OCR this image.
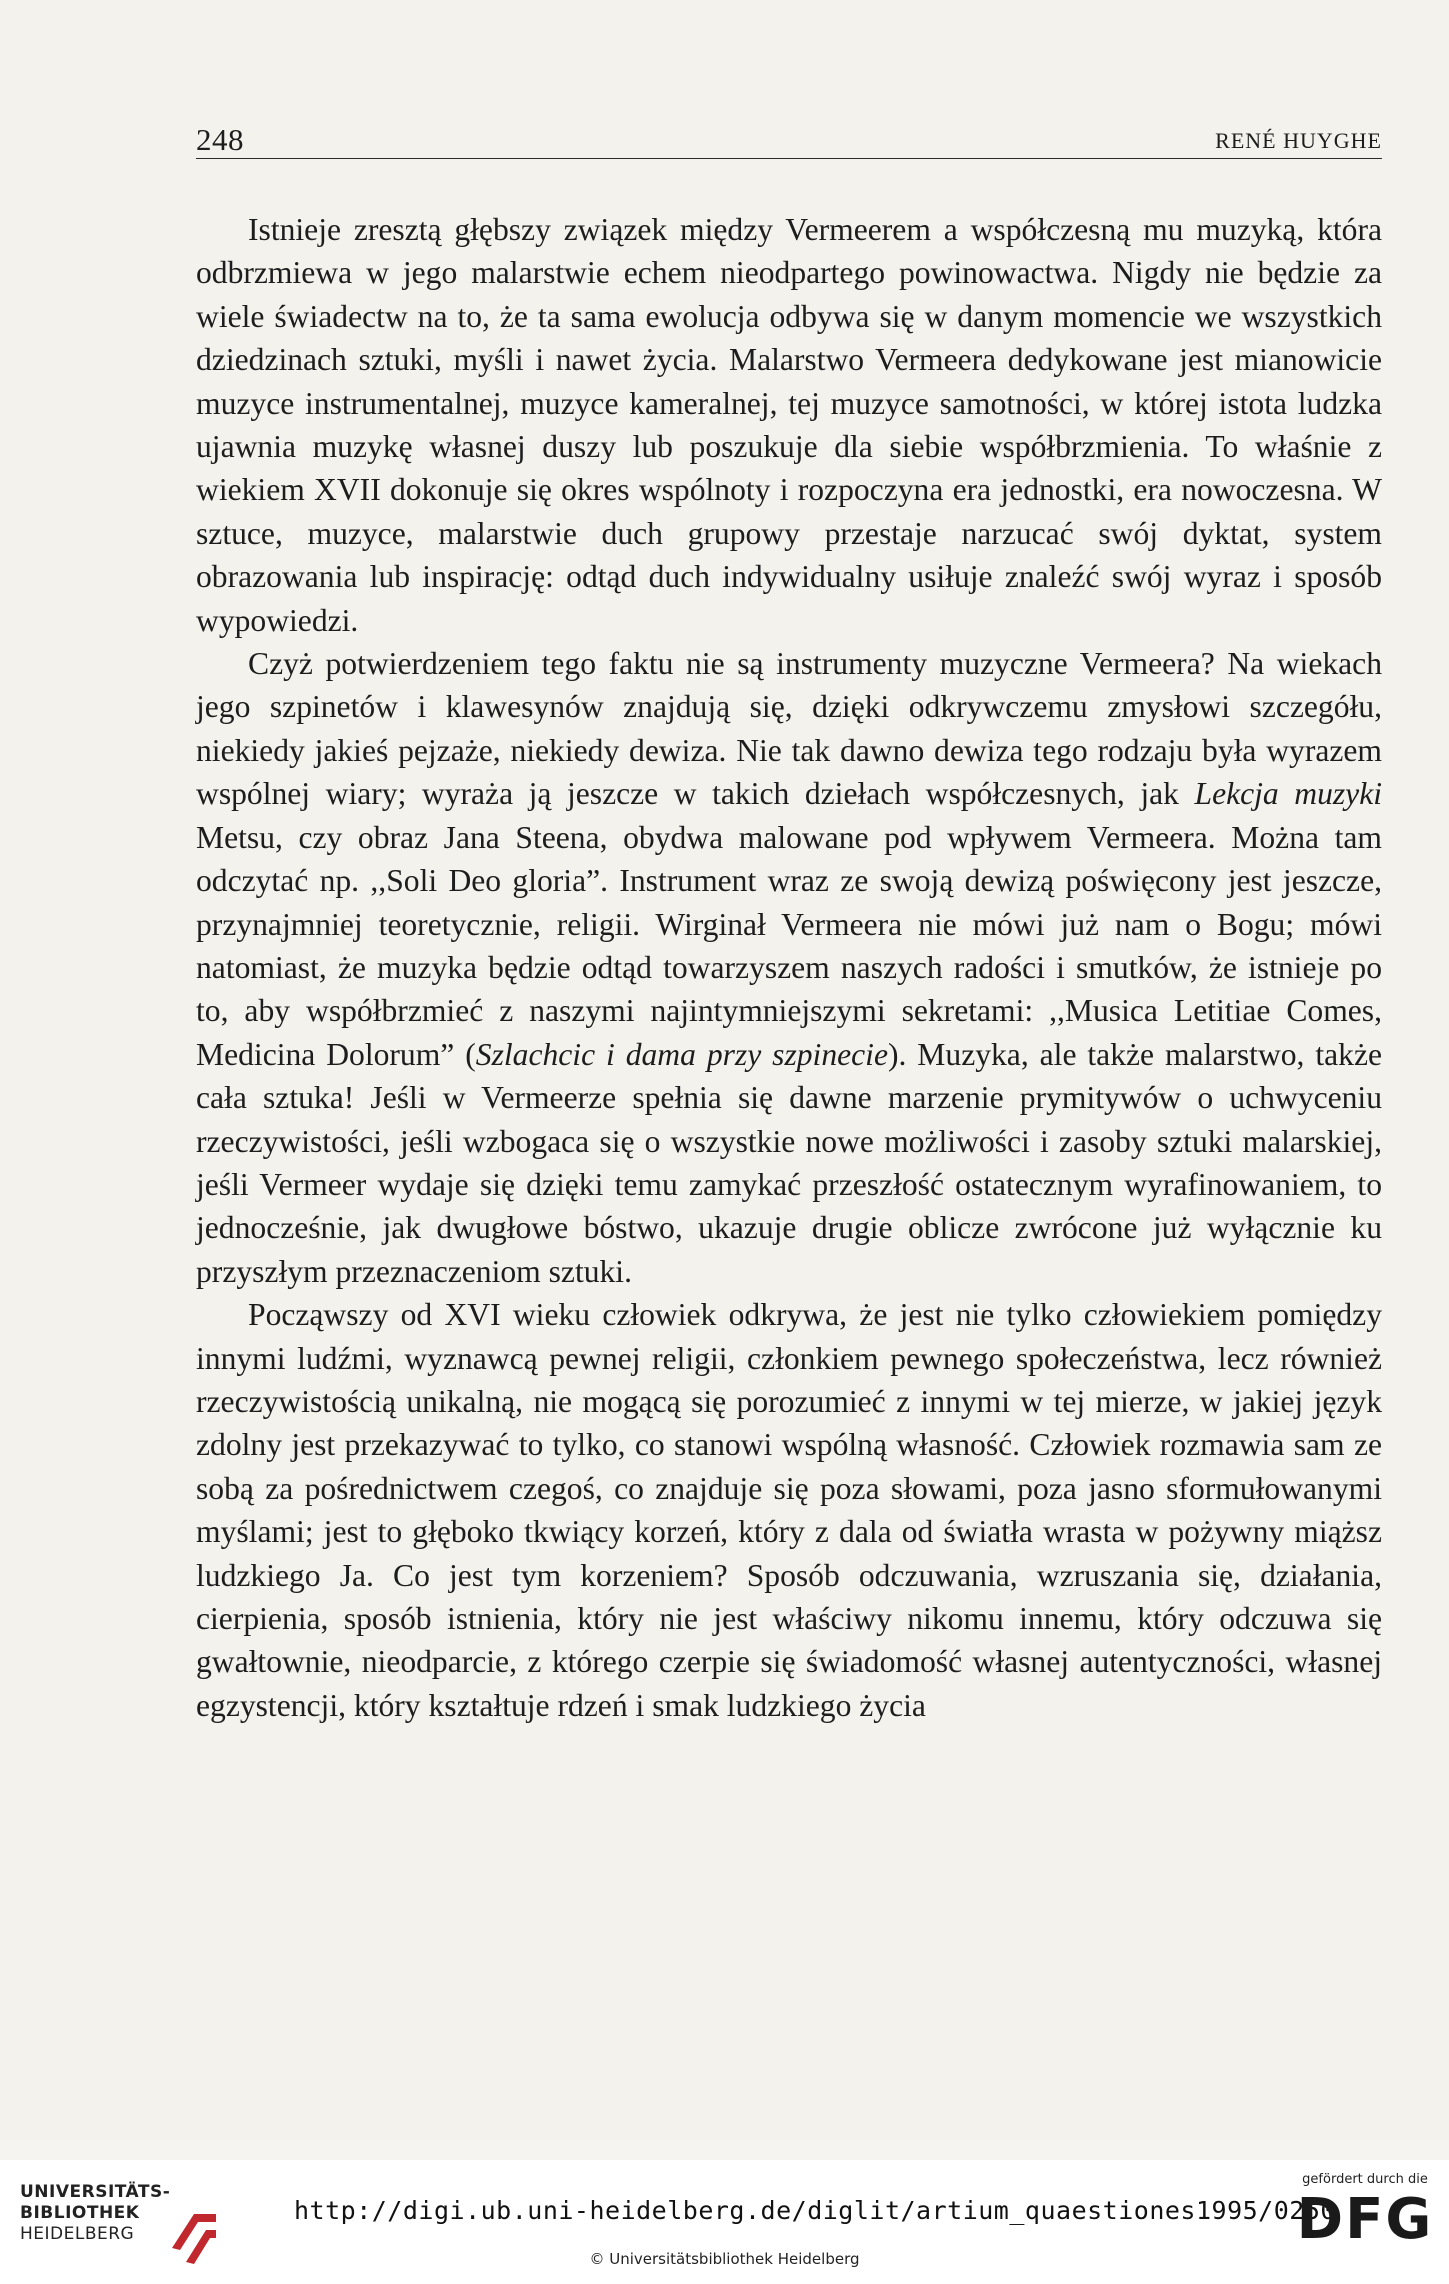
248	RENÉ HUYGHE

Istnieje zresztą głębszy związek między Vermeerem a współczesną mu muzyką, która odbrzmiewa w jego malarstwie echem nieodpartego powinowactwa. Nigdy nie będzie za wiele świadectw na to, że ta sama ewolucja odbywa się w danym momencie we wszystkich dziedzinach sztuki, myśli i nawet życia. Malarstwo Vermeera dedykowane jest mianowicie muzyce instrumentalnej, muzyce kameralnej, tej muzyce samotności, w której istota ludzka ujawnia muzykę własnej duszy lub poszukuje dla siebie współbrzmienia. To właśnie z wiekiem XVII dokonuje się okres wspólnoty i rozpoczyna era jednostki, era nowoczesna. W sztuce, muzyce, malarstwie duch grupowy przestaje narzucać swój dyktat, system obrazowania lub inspirację: odtąd duch indywidualny usiłuje znaleźć swój wyraz i sposób wypowiedzi.

Czyż potwierdzeniem tego faktu nie są instrumenty muzyczne Vermeera? Na wiekach jego szpinetów i klawesynów znajdują się, dzięki odkrywczemu zmysłowi szczegółu, niekiedy jakieś pejzaże, niekiedy dewiza. Nie tak dawno dewiza tego rodzaju była wyrazem wspólnej wiary; wyraża ją jeszcze w takich dziełach współczesnych, jak Lekcja muzyki Metsu, czy obraz Jana Steena, obydwa malowane pod wpływem Vermeera. Można tam odczytać np. ,,Soli Deo gloria”. Instrument wraz ze swoją dewizą poświęcony jest jeszcze, przynajmniej teoretycznie, religii. Wirginał Vermeera nie mówi już nam o Bogu; mówi natomiast, że muzyka będzie odtąd towarzyszem naszych radości i smutków, że istnieje po to, aby współbrzmieć z naszymi najintymniejszymi sekretami: ,,Musica Letitiae Comes, Medicina Dolorum” (Szlachcic i dama przy szpinecie). Muzyka, ale także malarstwo, także cała sztuka! Jeśli w Vermeerze spełnia się dawne marzenie prymitywów o uchwyceniu rzeczywistości, jeśli wzbogaca się o wszystkie nowe możliwości i zasoby sztuki malarskiej, jeśli Vermeer wydaje się dzięki temu zamykać przeszłość ostatecznym wyrafinowaniem, to jednocześnie, jak dwugłowe bóstwo, ukazuje drugie oblicze zwrócone już wyłącznie ku przyszłym przeznaczeniom sztuki.

Począwszy od XVI wieku człowiek odkrywa, że jest nie tylko człowiekiem pomiędzy innymi ludźmi, wyznawcą pewnej religii, członkiem pewnego społeczeństwa, lecz również rzeczywistością unikalną, nie mogącą się porozumieć z innymi w tej mierze, w jakiej język zdolny jest przekazywać to tylko, co stanowi wspólną własność. Człowiek rozmawia sam ze sobą za pośrednictwem czegoś, co znajduje się poza słowami, poza jasno sformułowanymi myślami; jest to głęboko tkwiący korzeń, który z dala od światła wrasta w pożywny miąższ ludzkiego Ja. Co jest tym korzeniem? Sposób odczuwania, wzruszania się, działania, cierpienia, sposób istnienia, który nie jest właściwy nikomu innemu, który odczuwa się gwałtownie, nieodparcie, z którego czerpie się świadomość własnej autentyczności, własnej egzystencji, który kształtuje rdzeń i smak ludzkiego życia

UNIVERSITÄTS-
BIBLIOTHEK
HEIDELBERG
http://digi.ub.uni-heidelberg.de/diglit/artium_quaestiones1995/0250
© Universitätsbibliothek Heidelberg
gefördert durch die
DFG
